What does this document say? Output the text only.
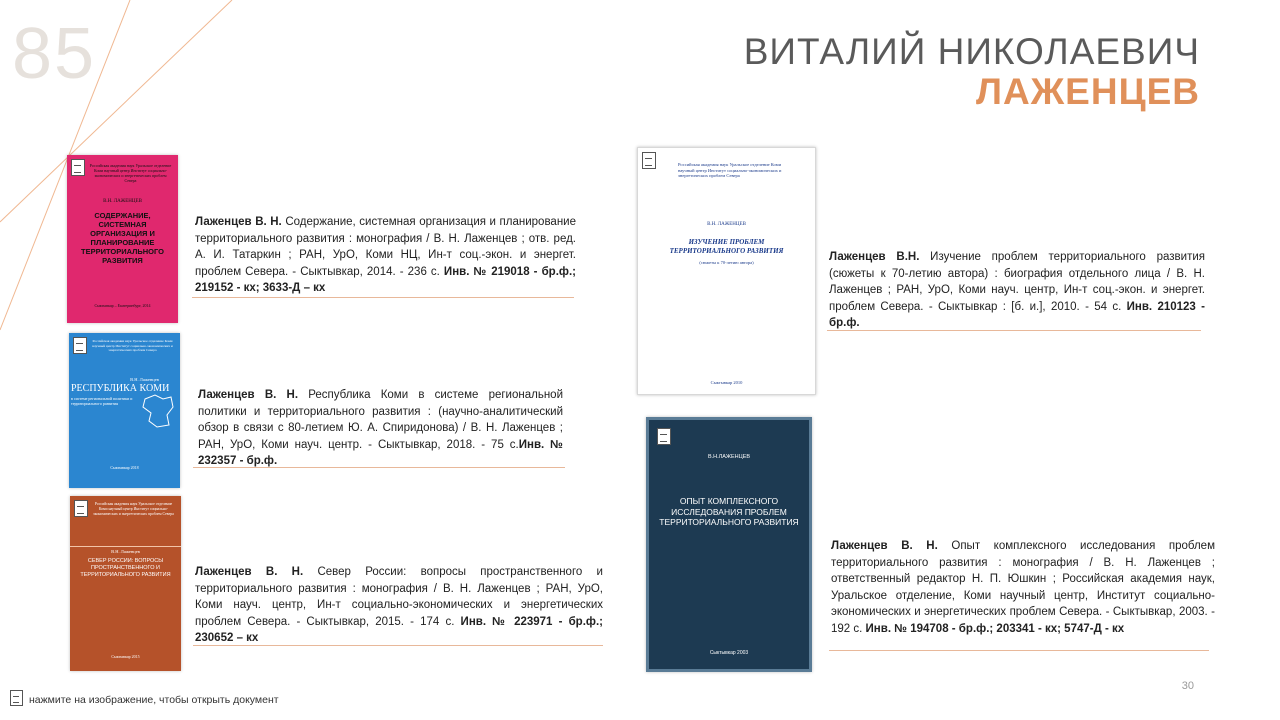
85	ВИТАЛИЙ НИКОЛАЕВИЧ
ЛАЖЕНЦЕВ
Российская академия наук Уральское отделение Коми научный центр Институт социально-экономических и энергетических проблем Севера
В.Н. ЛАЖЕНЦЕВ
СОДЕРЖАНИЕ, СИСТЕМНАЯ ОРГАНИЗАЦИЯ И ПЛАНИРОВАНИЕ ТЕРРИТОРИАЛЬНОГО РАЗВИТИЯ
Сыктывкар – Екатеринбург, 2014
Лаженцев В. Н. Содержание, системная организация и планирование территориального развития : монография / В. Н. Лаженцев ; отв. ред. А. И. Татаркин ; РАН, УрО, Коми НЦ, Ин-т соц.-экон. и энергет. проблем Севера. - Сыктывкар, 2014. - 236 с. Инв. № 219018 - бр.ф.; 219152 - кх; 3633-Д – кх
Российская академия наук Уральское отделение Коми научный центр Институт социально-экономических и энергетических проблем Севера
В.Н. Лаженцев
РЕСПУБЛИКА КОМИ
в системе региональной политики и территориального развития
Сыктывкар 2018
Лаженцев В. Н. Республика Коми в системе региональной политики и территориального развития : (научно-аналитический обзор в связи с 80-летием Ю. А. Спиридонова) / В. Н. Лаженцев ; РАН, УрО, Коми науч. центр. - Сыктывкар, 2018. - 75 с.Инв. № 232357 - бр.ф.
Российская академия наук Уральское отделение Коми научный центр Институт социально-экономических и энергетических проблем Севера
В.Н. Лаженцев
СЕВЕР РОССИИ: ВОПРОСЫ ПРОСТРАНСТВЕННОГО И ТЕРРИТОРИАЛЬНОГО РАЗВИТИЯ
Сыктывкар 2015
Лаженцев В. Н. Север России: вопросы пространственного и территориального развития : монография / В. Н. Лаженцев ; РАН, УрО, Коми науч. центр, Ин-т социально-экономических и энергетических проблем Севера. - Сыктывкар, 2015. - 174 с. Инв. № 223971 - бр.ф.; 230652 – кх
Российская академия наук Уральское отделение Коми научный центр Институт социально-экономических и энергетических проблем Севера
В.Н. ЛАЖЕНЦЕВ
ИЗУЧЕНИЕ ПРОБЛЕМ ТЕРРИТОРИАЛЬНОГО РАЗВИТИЯ
(сюжеты к 70-летию автора)
Сыктывкар 2010
Лаженцев В.Н. Изучение проблем территориального развития (сюжеты к 70-летию автора) : биография отдельного лица / В. Н. Лаженцев ; РАН, УрО, Коми науч. центр, Ин-т соц.-экон. и энергет. проблем Севера. - Сыктывкар : [б. и.], 2010. - 54 с. Инв. 210123 - бр.ф.
В.Н.ЛАЖЕНЦЕВ
ОПЫТ КОМПЛЕКСНОГО ИССЛЕДОВАНИЯ ПРОБЛЕМ ТЕРРИТОРИАЛЬНОГО РАЗВИТИЯ
Сыктывкар 2003
Лаженцев В. Н. Опыт комплексного исследования проблем территориального развития : монография / В. Н. Лаженцев ; ответственный редактор Н. П. Юшкин ; Российская академия наук, Уральское отделение, Коми научный центр, Институт социально-экономических и энергетических проблем Севера. - Сыктывкар, 2003. - 192 с. Инв. № 194708 - бр.ф.; 203341 - кх; 5747-Д - кх
30
нажмите на изображение, чтобы открыть документ
